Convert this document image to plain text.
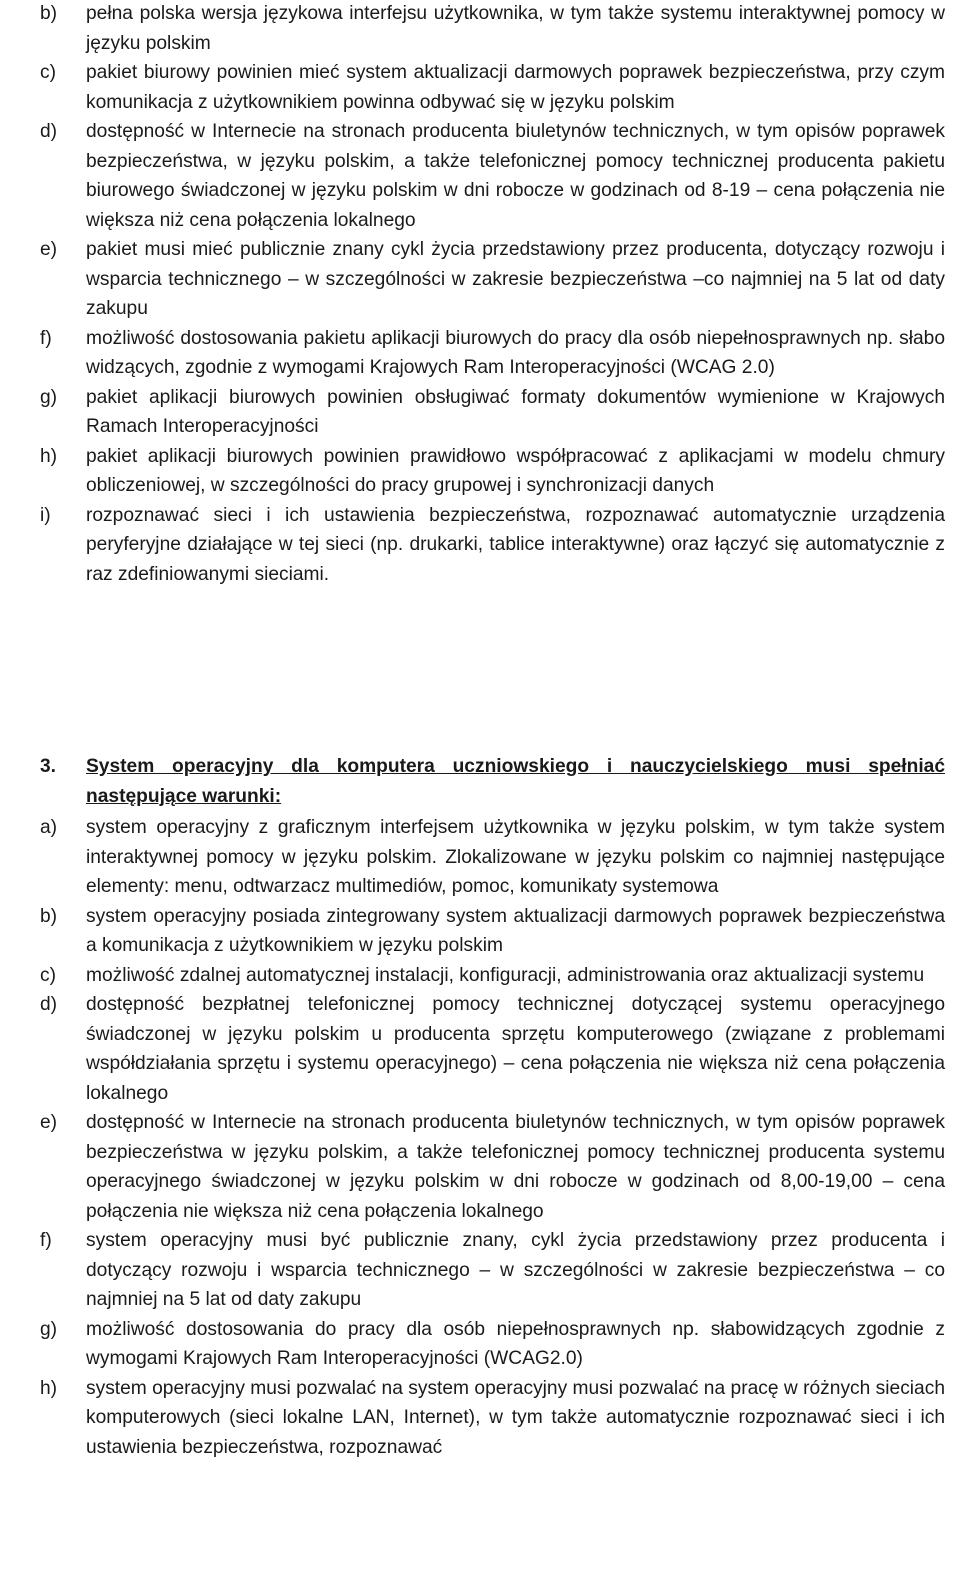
b)	pełna polska wersja językowa interfejsu użytkownika, w tym także systemu interaktywnej pomocy w języku polskim
c)	pakiet biurowy powinien mieć system aktualizacji darmowych poprawek bezpieczeństwa, przy czym komunikacja z użytkownikiem powinna odbywać się w języku polskim
d)	dostępność w Internecie na stronach producenta biuletynów technicznych, w tym opisów poprawek bezpieczeństwa, w języku polskim, a także telefonicznej pomocy technicznej producenta pakietu biurowego świadczonej w języku polskim w dni robocze w godzinach od 8-19 – cena połączenia nie większa niż cena połączenia lokalnego
e)	pakiet musi mieć publicznie znany cykl życia przedstawiony przez producenta, dotyczący rozwoju i wsparcia technicznego – w szczególności w zakresie bezpieczeństwa –co najmniej na 5 lat od daty zakupu
f)	możliwość dostosowania pakietu aplikacji biurowych do pracy dla osób niepełnosprawnych np. słabo widzących, zgodnie z wymogami Krajowych Ram Interoperacyjności (WCAG 2.0)
g)	pakiet aplikacji biurowych powinien obsługiwać formaty dokumentów wymienione w Krajowych Ramach Interoperacyjności
h)	pakiet aplikacji biurowych powinien prawidłowo współpracować z aplikacjami w modelu chmury obliczeniowej, w szczególności do pracy grupowej i synchronizacji danych
i)	rozpoznawać sieci i ich ustawienia bezpieczeństwa, rozpoznawać automatycznie urządzenia peryferyjne działające w tej sieci (np. drukarki, tablice interaktywne) oraz łączyć się automatycznie z raz zdefiniowanymi sieciami.
3.	System operacyjny dla komputera uczniowskiego i nauczycielskiego musi spełniać następujące warunki:
a)	system operacyjny z graficznym interfejsem użytkownika w języku polskim, w tym także system interaktywnej pomocy w języku polskim. Zlokalizowane w języku polskim co najmniej następujące elementy: menu, odtwarzacz multimediów, pomoc, komunikaty systemowa
b)	system operacyjny posiada zintegrowany system aktualizacji darmowych poprawek bezpieczeństwa a komunikacja z użytkownikiem w języku polskim
c)	możliwość zdalnej automatycznej instalacji, konfiguracji, administrowania oraz aktualizacji systemu
d)	dostępność bezpłatnej telefonicznej pomocy technicznej dotyczącej systemu operacyjnego świadczonej w języku polskim u producenta sprzętu komputerowego (związane z problemami współdziałania sprzętu i systemu operacyjnego) – cena połączenia nie większa niż cena połączenia lokalnego
e)	dostępność w Internecie na stronach producenta biuletynów technicznych, w tym opisów poprawek bezpieczeństwa w języku polskim, a także telefonicznej pomocy technicznej producenta systemu operacyjnego świadczonej w języku polskim w dni robocze w godzinach od 8,00-19,00 – cena połączenia nie większa niż cena połączenia lokalnego
f)	system operacyjny musi być publicznie znany, cykl życia przedstawiony przez producenta i dotyczący rozwoju i wsparcia technicznego – w szczególności w zakresie bezpieczeństwa – co najmniej na 5 lat od daty zakupu
g)	możliwość dostosowania do pracy dla osób niepełnosprawnych np. słabowidzących zgodnie z wymogami Krajowych Ram Interoperacyjności (WCAG2.0)
h)	system operacyjny musi pozwalać na system operacyjny musi pozwalać na pracę w różnych sieciach komputerowych (sieci lokalne LAN, Internet), w tym także automatycznie rozpoznawać sieci i ich ustawienia bezpieczeństwa, rozpoznawać
